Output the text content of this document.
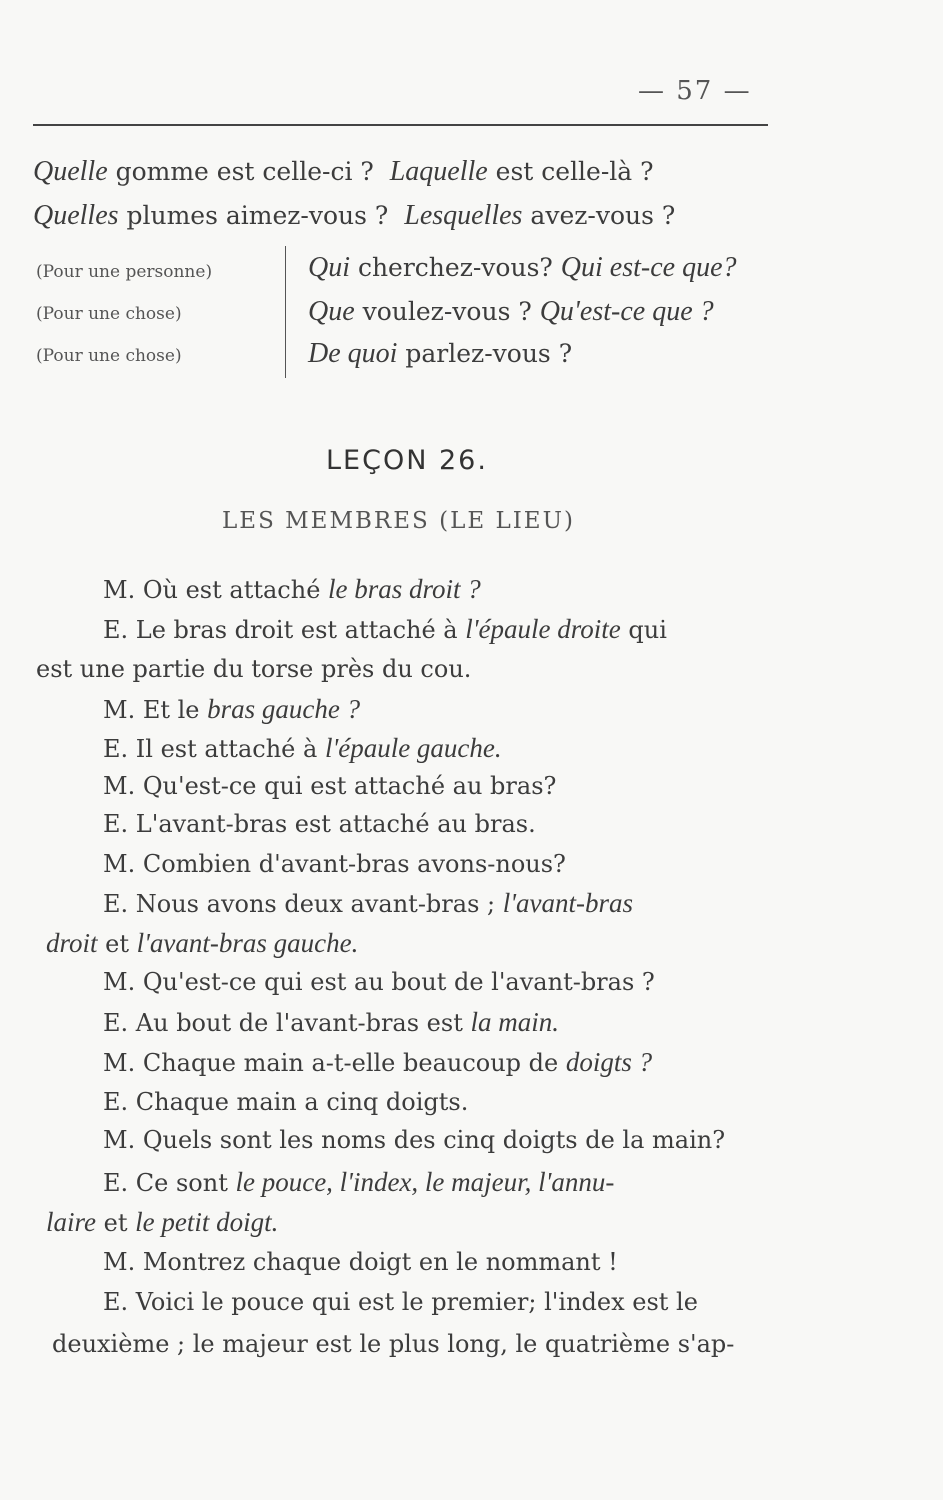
— 57 —
Quelle gomme est celle-ci ? Laquelle est celle-là ?
Quelles plumes aimez-vous ? Lesquelles avez-vous ?
(Pour une personne)
(Pour une chose)
(Pour une chose)
Qui cherchez-vous? Qui est-ce que?
Que voulez-vous ? Qu'est-ce que ?
De quoi parlez-vous ?
LEÇON 26.
LES MEMBRES (LE LIEU)
M. Où est attaché le bras droit ?
E. Le bras droit est attaché à l'épaule droite qui
est une partie du torse près du cou.
M. Et le bras gauche ?
E. Il est attaché à l'épaule gauche.
M. Qu'est-ce qui est attaché au bras?
E. L'avant-bras est attaché au bras.
M. Combien d'avant-bras avons-nous?
E. Nous avons deux avant-bras ; l'avant-bras
droit et l'avant-bras gauche.
M. Qu'est-ce qui est au bout de l'avant-bras ?
E. Au bout de l'avant-bras est la main.
M. Chaque main a-t-elle beaucoup de doigts ?
E. Chaque main a cinq doigts.
M. Quels sont les noms des cinq doigts de la main?
E. Ce sont le pouce, l'index, le majeur, l'annu-
laire et le petit doigt.
M. Montrez chaque doigt en le nommant !
E. Voici le pouce qui est le premier; l'index est le
deuxième ; le majeur est le plus long, le quatrième s'ap-
